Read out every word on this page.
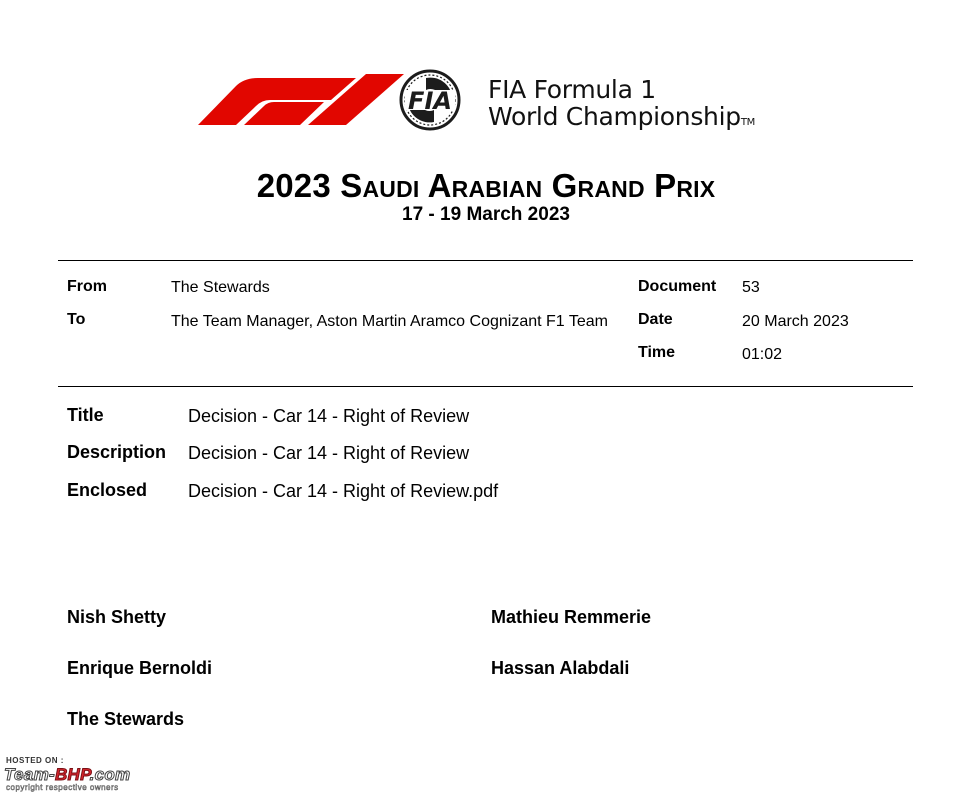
FIA FIA Formula 1
World ChampionshipTM
2023 Saudi Arabian Grand Prix
17 - 19 March 2023
From	The Stewards
To	The Team Manager, Aston Martin Aramco Cognizant F1 Team
Document 53
Date	20 March 2023
Time	01:02
Title	Decision - Car 14 - Right of Review
Description Decision - Car 14 - Right of Review
Enclosed Decision - Car 14 - Right of Review.pdf
Nish Shetty	Mathieu Remmerie
Enrique Bernoldi	Hassan Alabdali
The Stewards
HOSTED ON :
Team-BHP.com
copyright respective owners
